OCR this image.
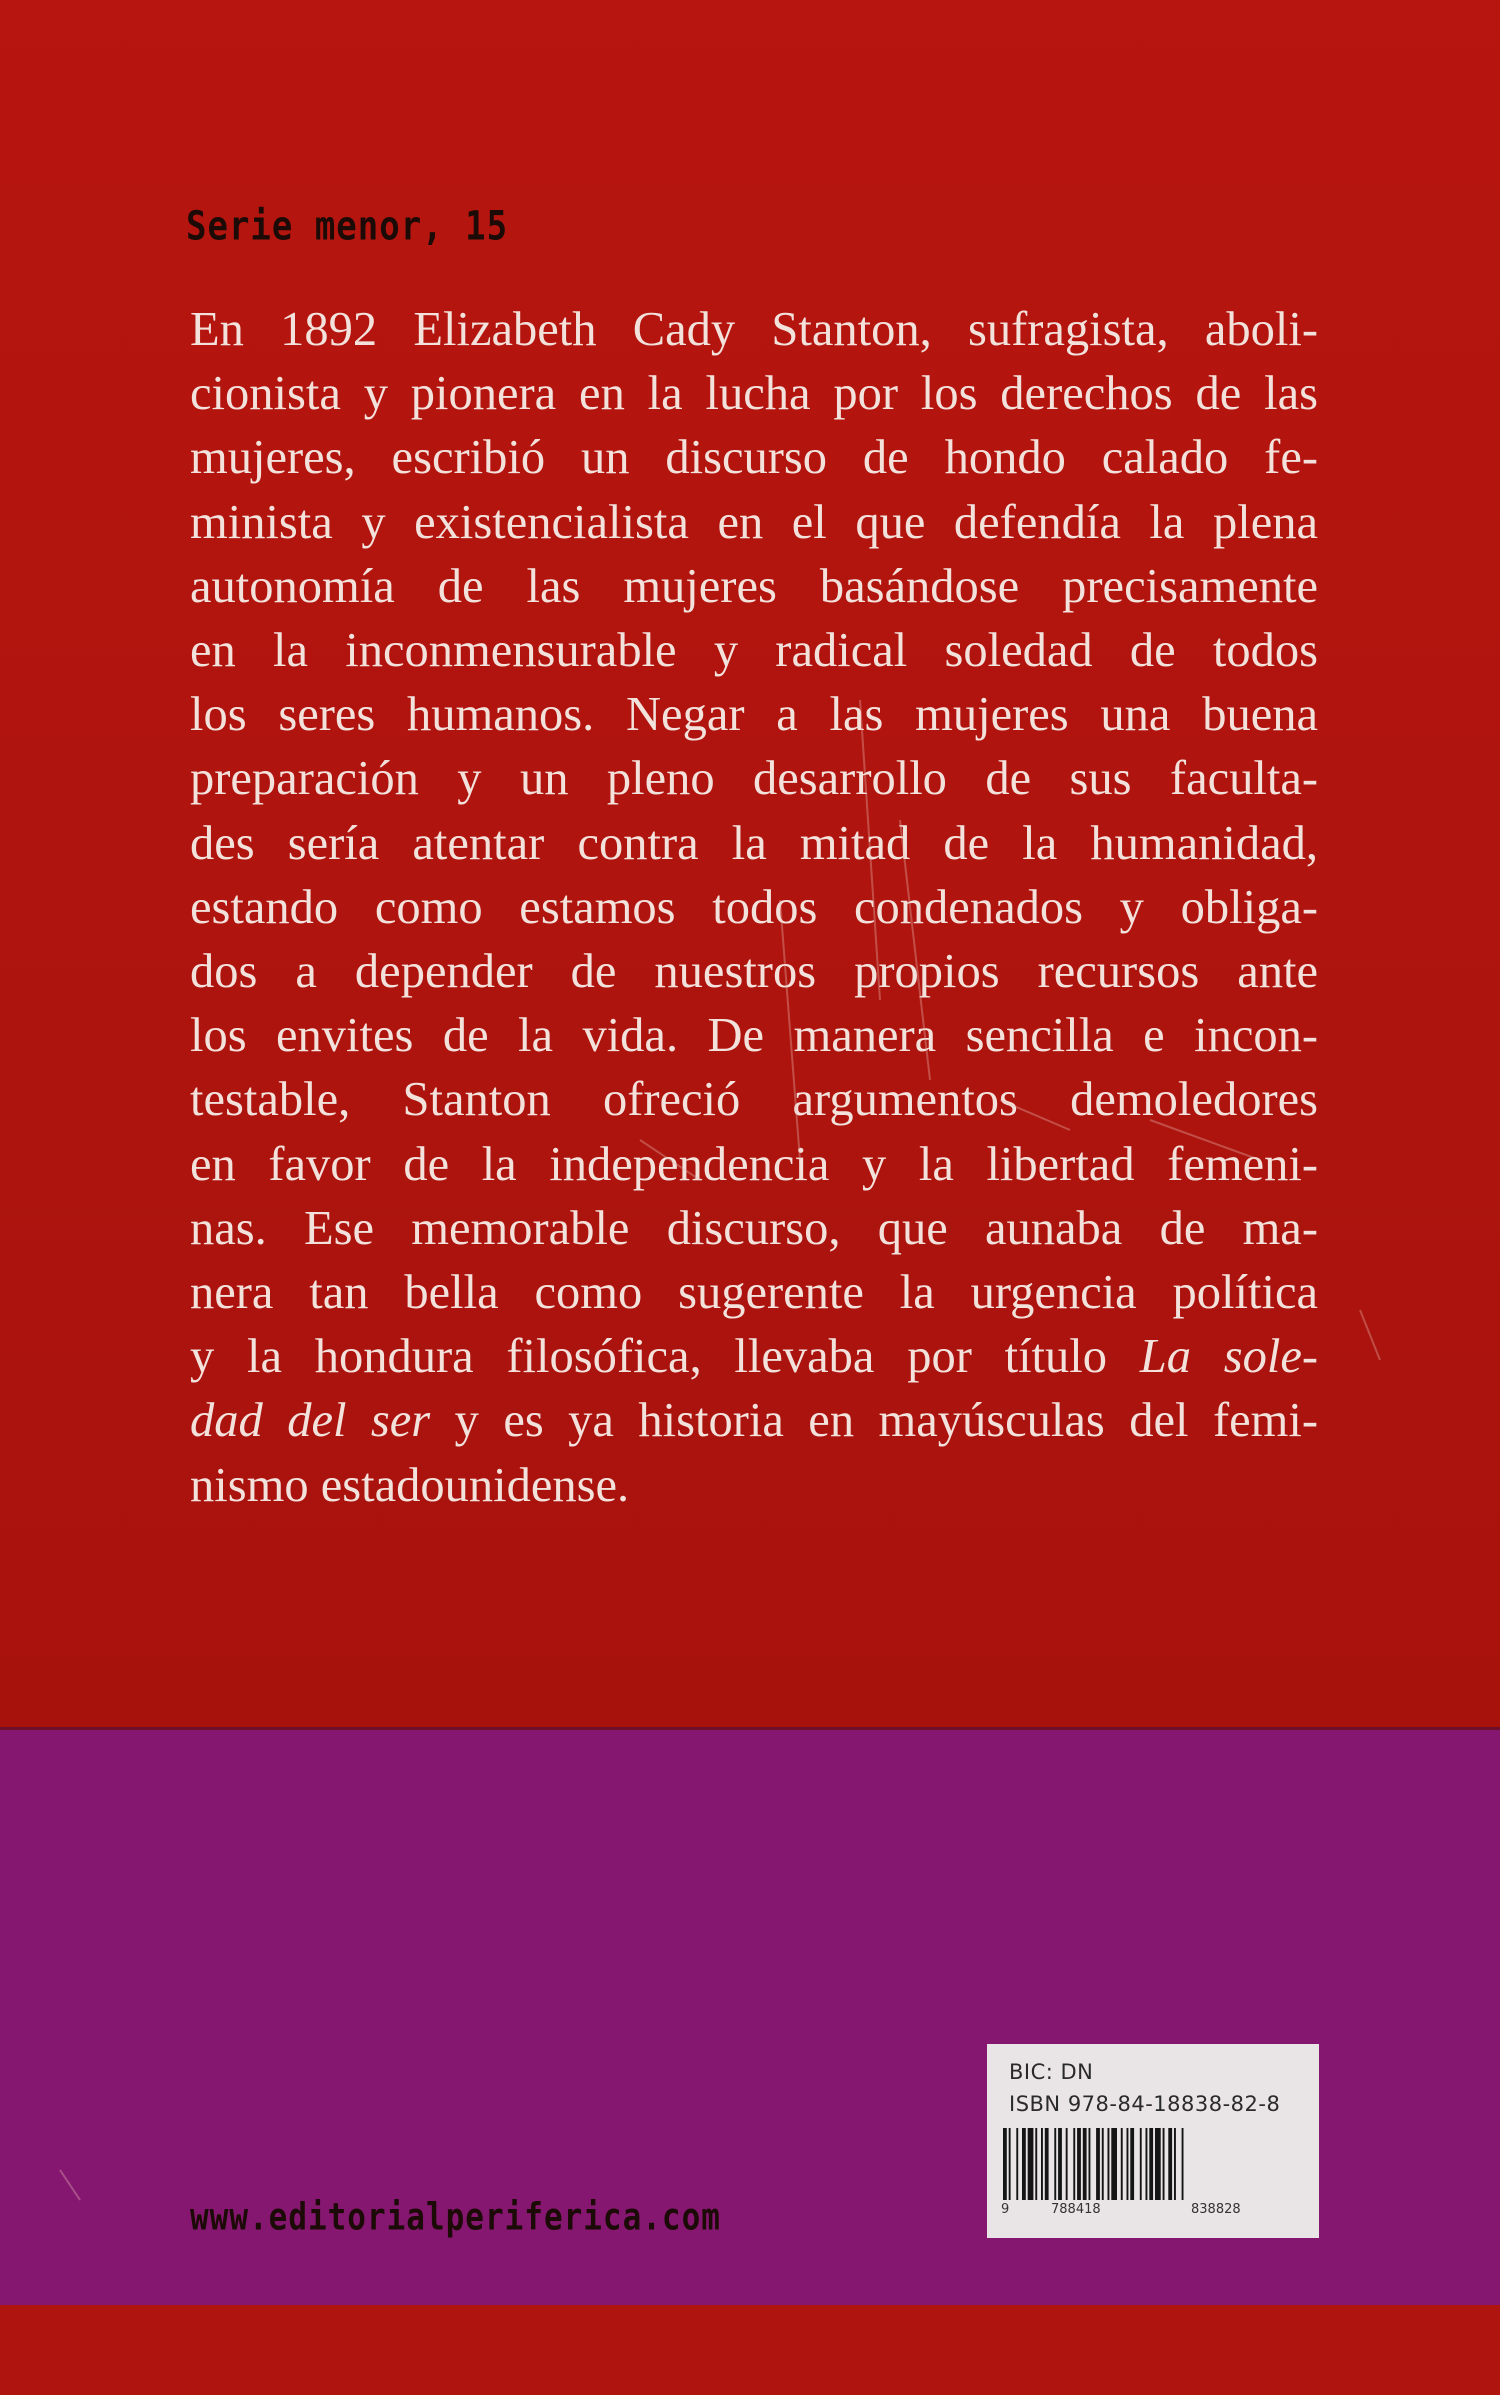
Serie menor, 15

En 1892 Elizabeth Cady Stanton, sufragista, aboli-
cionista y pionera en la lucha por los derechos de las
mujeres, escribió un discurso de hondo calado fe-
minista y existencialista en el que defendía la plena
autonomía de las mujeres basándose precisamente
en la inconmensurable y radical soledad de todos
los seres humanos. Negar a las mujeres una buena
preparación y un pleno desarrollo de sus faculta-
des sería atentar contra la mitad de la humanidad,
estando como estamos todos condenados y obliga-
dos a depender de nuestros propios recursos ante
los envites de la vida. De manera sencilla e incon-
testable, Stanton ofreció argumentos demoledores
en favor de la independencia y la libertad femeni-
nas. Ese memorable discurso, que aunaba de ma-
nera tan bella como sugerente la urgencia política
y la hondura filosófica, llevaba por título La sole-
dad del ser y es ya historia en mayúsculas del femi-
nismo estadounidense.

www.editorialperiferica.com

BIC: DN

ISBN 978-84-18838-82-8

9	788418	838828
